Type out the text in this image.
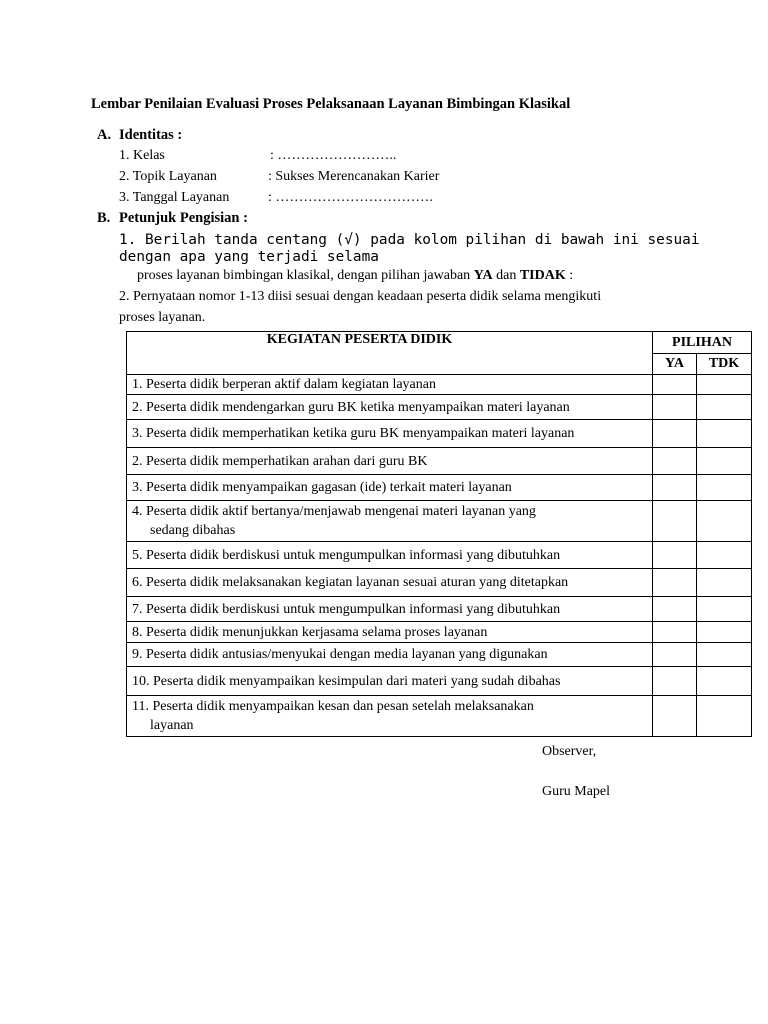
Lembar Penilaian Evaluasi Proses Pelaksanaan Layanan Bimbingan Klasikal
A. Identitas :
1. Kelas	: ……………………..
2. Topik Layanan	: Sukses Merencanakan Karier
3. Tanggal Layanan	: …………………………….
B. Petunjuk Pengisian :
1. Berilah tanda centang (√) pada kolom pilihan di bawah ini sesuai
dengan apa yang terjadi selama
proses layanan bimbingan klasikal, dengan pilihan jawaban YA dan TIDAK :
2. Pernyataan nomor 1-13 diisi sesuai dengan keadaan peserta didik selama mengikuti
proses layanan.
KEGIATAN PESERTA DIDIK	PILIHAN	
	YA	TDK
1. Peserta didik berperan aktif dalam kegiatan layanan		
2. Peserta didik mendengarkan guru BK ketika menyampaikan materi layanan		
3. Peserta didik memperhatikan ketika guru BK menyampaikan materi layanan		
2. Peserta didik memperhatikan arahan dari guru BK		
3. Peserta didik menyampaikan gagasan (ide) terkait materi layanan		
4. Peserta didik aktif bertanya/menjawab mengenai materi layanan yang
sedang dibahas		

5. Peserta didik berdiskusi untuk mengumpulkan informasi yang dibutuhkan		
6. Peserta didik melaksanakan kegiatan layanan sesuai aturan yang ditetapkan		
7. Peserta didik berdiskusi untuk mengumpulkan informasi yang dibutuhkan		
8. Peserta didik menunjukkan kerjasama selama proses layanan		
9. Peserta didik antusias/menyukai dengan media layanan yang digunakan		
10. Peserta didik menyampaikan kesimpulan dari materi yang sudah dibahas		
11. Peserta didik menyampaikan kesan dan pesan setelah melaksanakan
layanan		

Observer,
Guru Mapel
